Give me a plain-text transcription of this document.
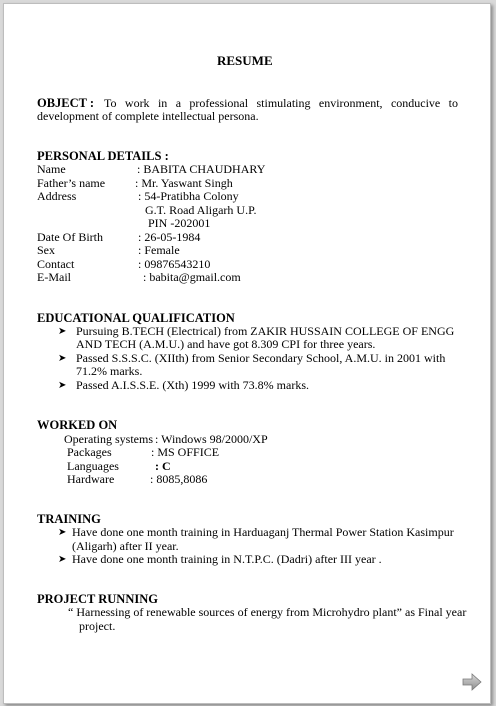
RESUME
OBJECT : To work in a professional stimulating environment, conducive to development of complete intellectual persona.
PERSONAL DETAILS :
Name	: BABITA CHAUDHARY
Father’s name : Mr. Yaswant Singh
Address	: 54-Pratibha Colony
G.T. Road Aligarh U.P.
PIN -202001
Date Of Birth	: 26-05-1984
Sex	: Female
Contact	: 09876543210
E-Mail	: babita@gmail.com
EDUCATIONAL QUALIFICATION
➤ Pursuing B.TECH (Electrical) from ZAKIR HUSSAIN COLLEGE OF ENGG
AND TECH (A.M.U.) and have got 8.309 CPI for three years.
➤ Passed S.S.S.C. (XIIth) from Senior Secondary School, A.M.U. in 2001 with
71.2% marks.
➤ Passed A.I.S.S.E. (Xth) 1999 with 73.8% marks.
WORKED ON
Operating systems : Windows 98/2000/XP
Packages	: MS OFFICE
Languages	: C
Hardware	: 8085,8086
TRAINING
➤ Have done one month training in Harduaganj Thermal Power Station Kasimpur
(Aligarh) after II year.
➤ Have done one month training in N.T.P.C. (Dadri) after III year .
PROJECT RUNNING
“ Harnessing of renewable sources of energy from Microhydro plant” as Final year
project.
